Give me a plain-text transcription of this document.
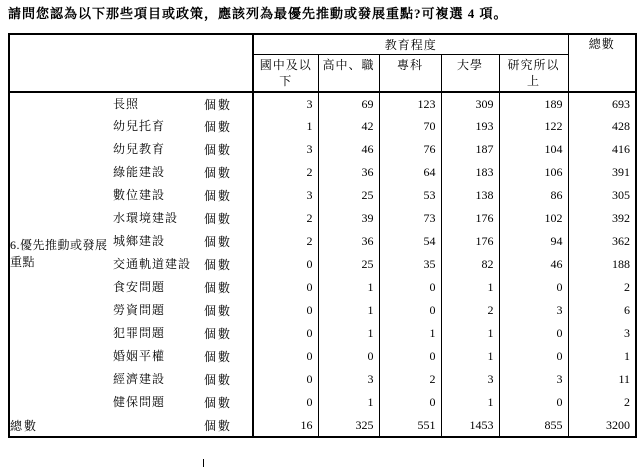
請問您認為以下那些項目或政策，應該列為最優先推動或發展重點?可複選 4 項。
			教育程度					總數
			國中及以下	高中、職	專科	大學	研究所以上	
6.優先推動或發展重點	長照	個數	3	69	123	309	189	693
	幼兒托育	個數	1	42	70	193	122	428
	幼兒教育	個數	3	46	76	187	104	416
	綠能建設	個數	2	36	64	183	106	391
	數位建設	個數	3	25	53	138	86	305
	水環境建設	個數	2	39	73	176	102	392
	城鄉建設	個數	2	36	54	176	94	362
	交通軌道建設	個數	0	25	35	82	46	188
	食安問題	個數	0	1	0	1	0	2
	勞資問題	個數	0	1	0	2	3	6
	犯罪問題	個數	0	1	1	1	0	3
	婚姻平權	個數	0	0	0	1	0	1
	經濟建設	個數	0	3	2	3	3	11
	健保問題	個數	0	1	0	1	0	2
總數		個數	16	325	551	1453	855	3200
